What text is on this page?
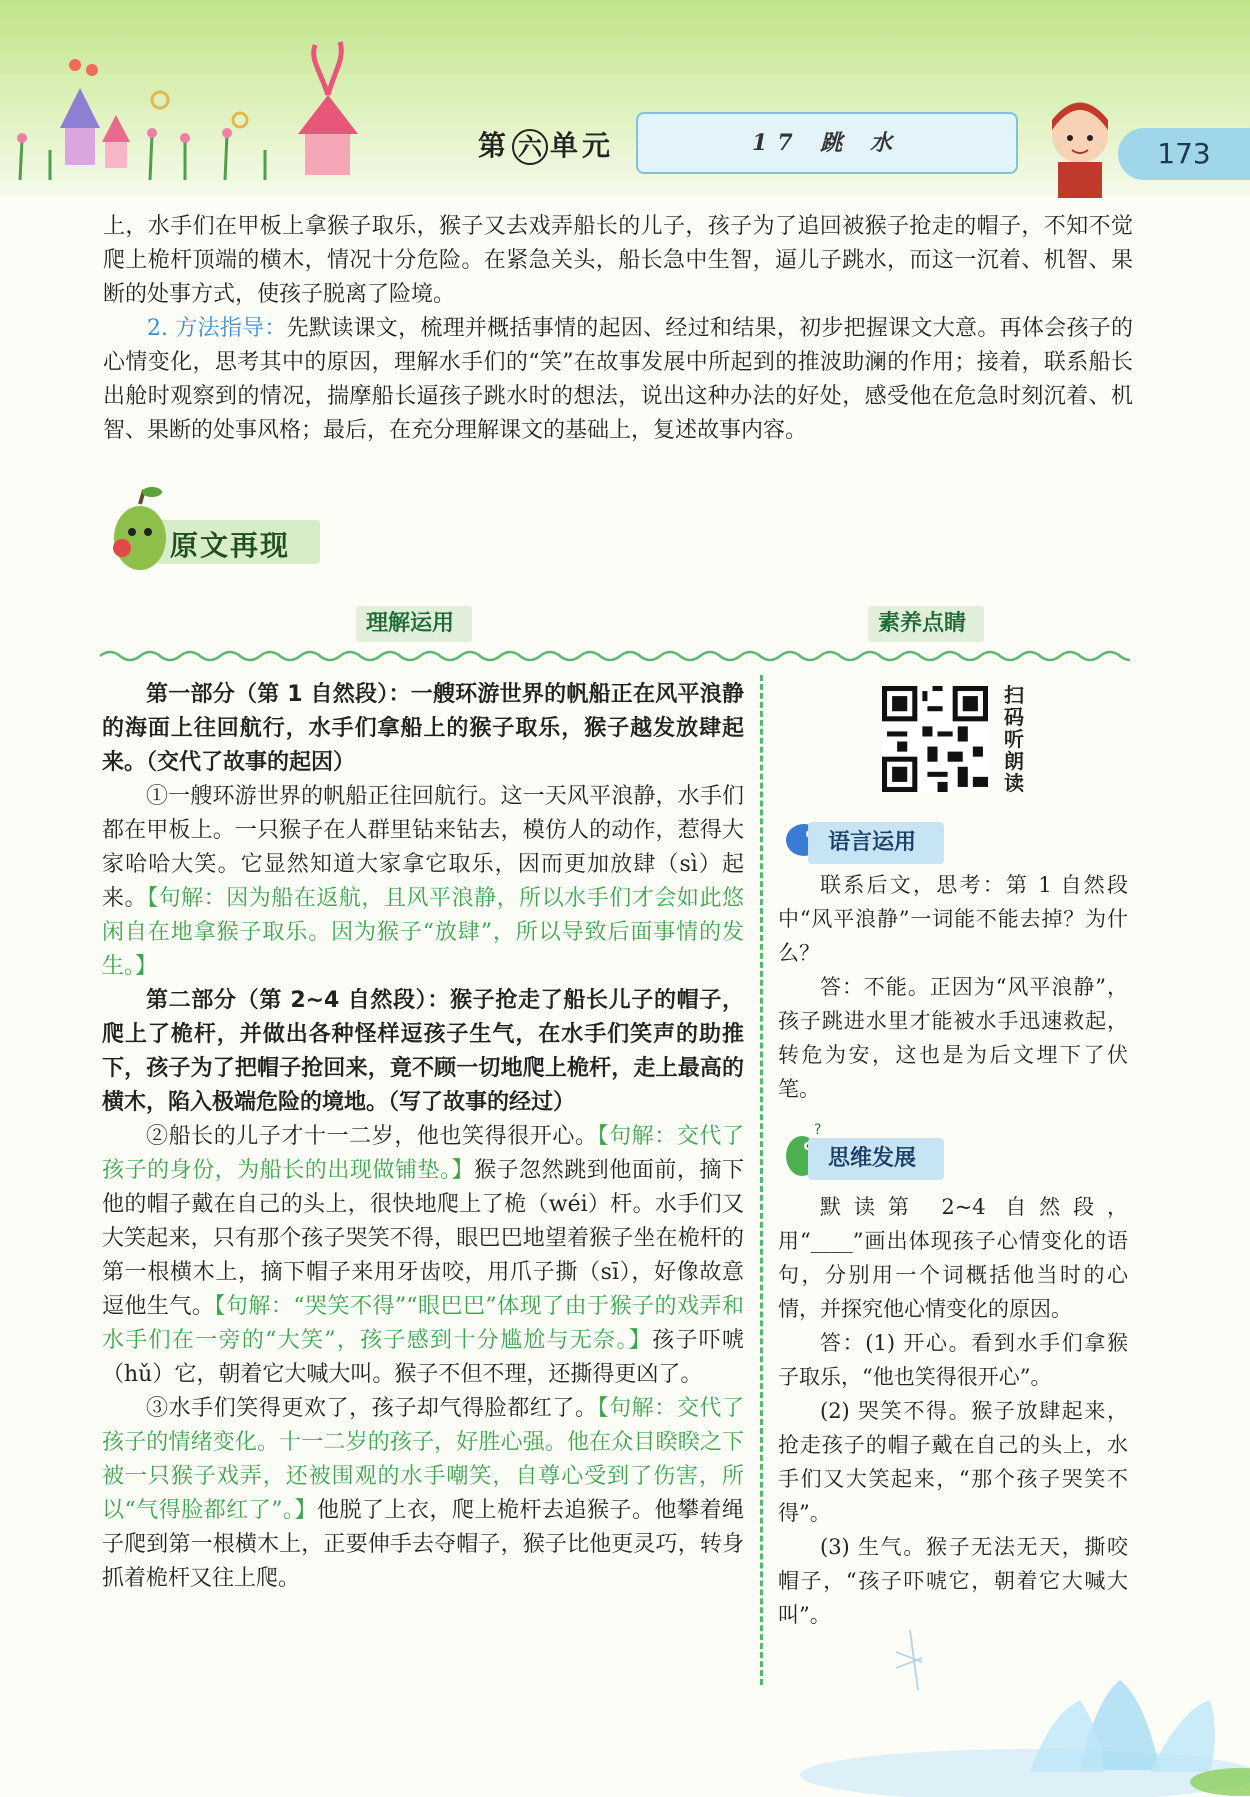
第 六 单元	17 跳 水	173

上，水手们在甲板上拿猴子取乐，猴子又去戏弄船长的儿子，孩子为了追回被猴子抢走的帽子，不知不觉爬上桅杆顶端的横木，情况十分危险。在紧急关头，船长急中生智，逼儿子跳水，而这一沉着、机智、果断的处事方式，使孩子脱离了险境。

2. 方法指导：先默读课文，梳理并概括事情的起因、经过和结果，初步把握课文大意。再体会孩子的心情变化，思考其中的原因，理解水手们的“笑”在故事发展中所起到的推波助澜的作用；接着，联系船长出舱时观察到的情况，揣摩船长逼孩子跳水时的想法，说出这种办法的好处，感受他在危急时刻沉着、机智、果断的处事风格；最后，在充分理解课文的基础上，复述故事内容。

原文再现
理解运用	素养点睛

第一部分（第 1 自然段）：一艘环游世界的帆船正在风平浪静的海面上往回航行，水手们拿船上的猴子取乐，猴子越发放肆起来。（交代了故事的起因）

①一艘环游世界的帆船正往回航行。这一天风平浪静，水手们都在甲板上。一只猴子在人群里钻来钻去，模仿人的动作，惹得大家哈哈大笑。它显然知道大家拿它取乐，因而更加放肆（sì）起来。【句解：因为船在返航，且风平浪静，所以水手们才会如此悠闲自在地拿猴子取乐。因为猴子“放肆”，所以导致后面事情的发生。】

第二部分（第 2~4 自然段）：猴子抢走了船长儿子的帽子，爬上了桅杆，并做出各种怪样逗孩子生气，在水手们笑声的助推下，孩子为了把帽子抢回来，竟不顾一切地爬上桅杆，走上最高的横木，陷入极端危险的境地。（写了故事的经过）

②船长的儿子才十一二岁，他也笑得很开心。【句解：交代了孩子的身份，为船长的出现做铺垫。】猴子忽然跳到他面前，摘下他的帽子戴在自己的头上，很快地爬上了桅（wéi）杆。水手们又大笑起来，只有那个孩子哭笑不得，眼巴巴地望着猴子坐在桅杆的第一根横木上，摘下帽子来用牙齿咬，用爪子撕（sī），好像故意逗他生气。【句解：“哭笑不得”“眼巴巴”体现了由于猴子的戏弄和水手们在一旁的“大笑”，孩子感到十分尴尬与无奈。】孩子吓唬（hǔ）它，朝着它大喊大叫。猴子不但不理，还撕得更凶了。

③水手们笑得更欢了，孩子却气得脸都红了。【句解：交代了孩子的情绪变化。十一二岁的孩子，好胜心强。他在众目睽睽之下被一只猴子戏弄，还被围观的水手嘲笑，自尊心受到了伤害，所以“气得脸都红了”。】他脱了上衣，爬上桅杆去追猴子。他攀着绳子爬到第一根横木上，正要伸手去夺帽子，猴子比他更灵巧，转身抓着桅杆又往上爬。

扫码听朗读
语言运用

联系后文，思考：第 1 自然段中“风平浪静”一词能不能去掉？为什么？

答：不能。正因为“风平浪静”，孩子跳进水里才能被水手迅速救起，转危为安，这也是为后文埋下了伏笔。

?
思维发展

默读第 2~4 自然段，用“____”画出体现孩子心情变化的语句，分别用一个词概括他当时的心情，并探究他心情变化的原因。

答：(1) 开心。看到水手们拿猴子取乐，“他也笑得很开心”。

(2) 哭笑不得。猴子放肆起来，抢走孩子的帽子戴在自己的头上，水手们又大笑起来，“那个孩子哭笑不得”。

(3) 生气。猴子无法无天，撕咬帽子，“孩子吓唬它，朝着它大喊大叫”。
